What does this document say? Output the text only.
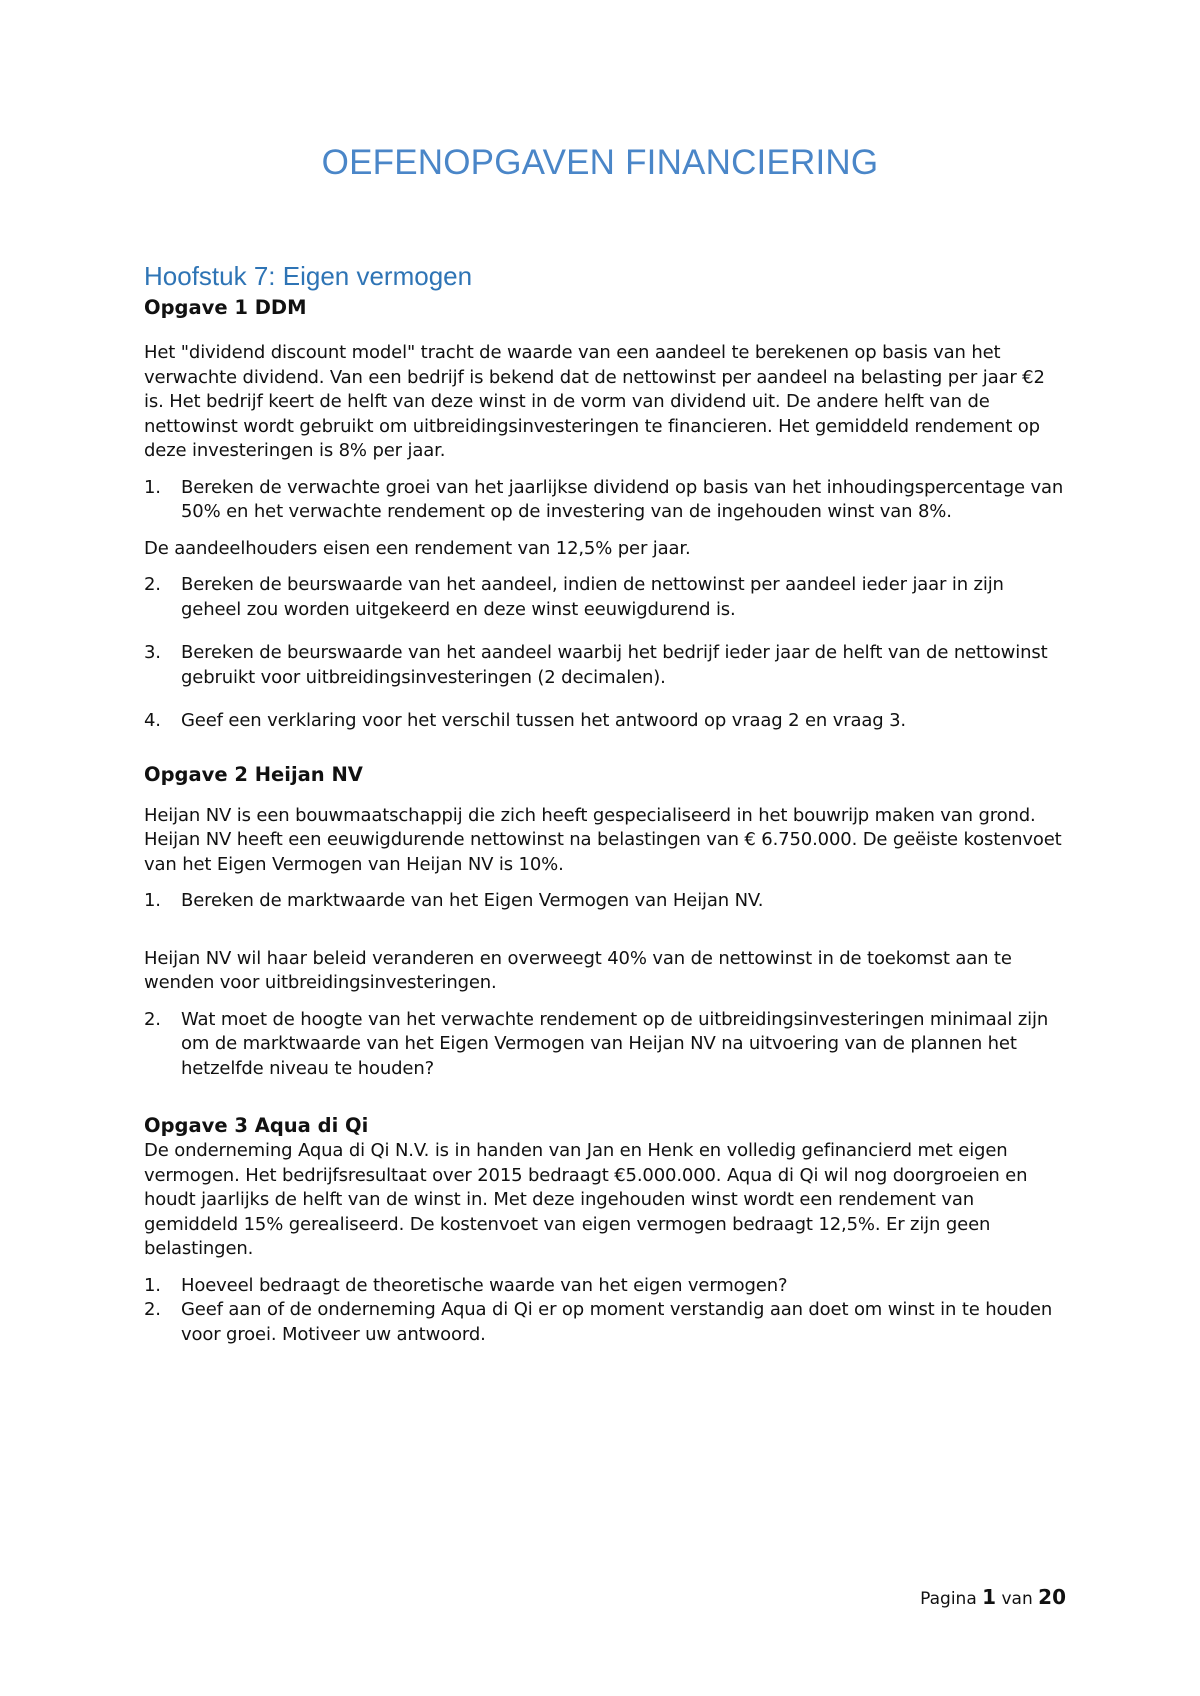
OEFENOPGAVEN FINANCIERING
Hoofstuk 7: Eigen vermogen
Opgave 1 DDM

Het "dividend discount model" tracht de waarde van een aandeel te berekenen op basis van het verwachte dividend. Van een bedrijf is bekend dat de nettowinst per aandeel na belasting per jaar €2 is. Het bedrijf keert de helft van deze winst in de vorm van dividend uit. De andere helft van de nettowinst wordt gebruikt om uitbreidingsinvesteringen te financieren. Het gemiddeld rendement op deze investeringen is 8% per jaar.

1. Bereken de verwachte groei van het jaarlijkse dividend op basis van het inhoudingspercentage van 50% en het verwachte rendement op de investering van de ingehouden winst van 8%.

De aandeelhouders eisen een rendement van 12,5% per jaar.

2. Bereken de beurswaarde van het aandeel, indien de nettowinst per aandeel ieder jaar in zijn geheel zou worden uitgekeerd en deze winst eeuwigdurend is.
3. Bereken de beurswaarde van het aandeel waarbij het bedrijf ieder jaar de helft van de nettowinst gebruikt voor uitbreidingsinvesteringen (2 decimalen).
4. Geef een verklaring voor het verschil tussen het antwoord op vraag 2 en vraag 3.
Opgave 2 Heijan NV

Heijan NV is een bouwmaatschappij die zich heeft gespecialiseerd in het bouwrijp maken van grond. Heijan NV heeft een eeuwigdurende nettowinst na belastingen van € 6.750.000. De geëiste kostenvoet van het Eigen Vermogen van Heijan NV is 10%.

1. Bereken de marktwaarde van het Eigen Vermogen van Heijan NV.

Heijan NV wil haar beleid veranderen en overweegt 40% van de nettowinst in de toekomst aan te wenden voor uitbreidingsinvesteringen.

2. Wat moet de hoogte van het verwachte rendement op de uitbreidingsinvesteringen minimaal zijn om de marktwaarde van het Eigen Vermogen van Heijan NV na uitvoering van de plannen het hetzelfde niveau te houden?
Opgave 3 Aqua di Qi

De onderneming Aqua di Qi N.V. is in handen van Jan en Henk en volledig gefinancierd met eigen vermogen. Het bedrijfsresultaat over 2015 bedraagt €5.000.000. Aqua di Qi wil nog doorgroeien en houdt jaarlijks de helft van de winst in. Met deze ingehouden winst wordt een rendement van gemiddeld 15% gerealiseerd. De kostenvoet van eigen vermogen bedraagt 12,5%. Er zijn geen belastingen.

1. Hoeveel bedraagt de theoretische waarde van het eigen vermogen?
2. Geef aan of de onderneming Aqua di Qi er op moment verstandig aan doet om winst in te houden voor groei. Motiveer uw antwoord.
Pagina 1 van 20
